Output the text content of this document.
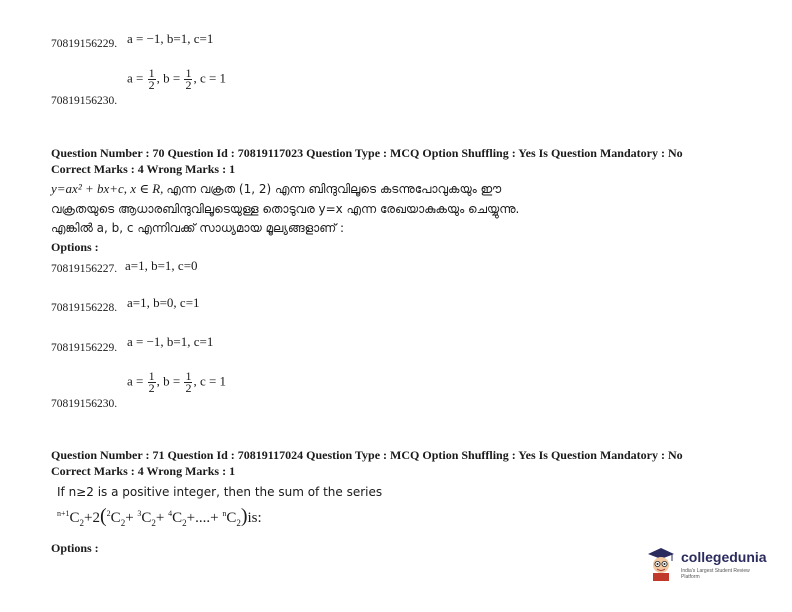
70819156229. a = −1, b=1, c=1
$a = \frac{1}{2}$ , $b = \frac{1}{2}$ , c = 1
70819156230.
Question Number : 70 Question Id : 70819117023 Question Type : MCQ Option Shuffling : Yes Is Question Mandatory : No
Correct Marks : 4 Wrong Marks : 1
y=ax² + bx+c, x ∈ R, എന്ന വക്രത (1, 2) എന്ന ബിന്ദുവിലൂടെ കടന്നുപോവുകയും ഈ
വക്രതയുടെ ആധാരബിന്ദുവിലൂടെയുള്ള തൊടുവര y=x എന്ന രേഖയാകുകയും ചെയ്യുന്നു.
എങ്കിൽ a, b, c എന്നിവക്ക് സാധ്യമായ മൂല്യങ്ങളാണ് :
Options :
70819156227. a=1, b=1, c=0
70819156228. a=1, b=0, c=1
70819156229. a = −1, b=1, c=1
$a = \frac{1}{2}$ , $b = \frac{1}{2}$ , c = 1
70819156230.
Question Number : 71 Question Id : 70819117024 Question Type : MCQ Option Shuffling : Yes Is Question Mandatory : No
Correct Marks : 4 Wrong Marks : 1
If n≥2 is a positive integer, then the sum of the series
$^{n+1}C_2+2(^2C_2+ ^3C_2+ ^4C_2+....+ ^nC_2)is$:
Options :
collegedunia
India's Largest Student Review Platform
